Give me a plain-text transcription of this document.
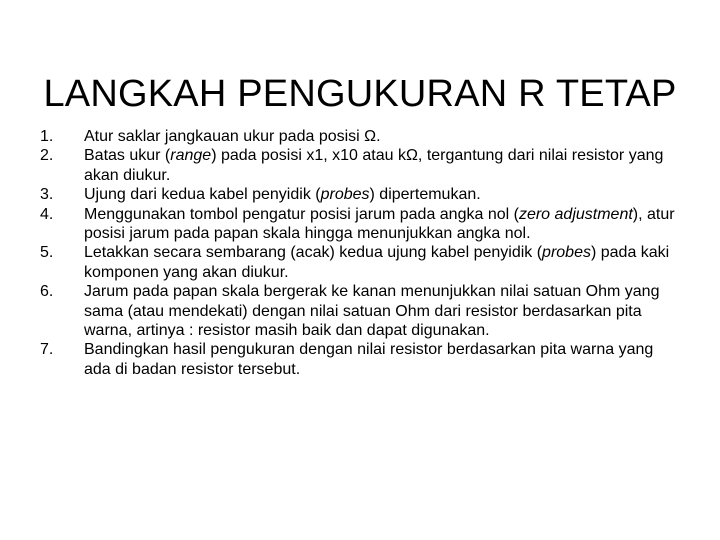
LANGKAH PENGUKURAN R TETAP
1.	Atur saklar jangkauan ukur pada posisi Ω.
2.	Batas ukur (range) pada posisi x1, x10 atau kΩ, tergantung dari nilai resistor yang akan diukur.
3.	Ujung dari kedua kabel penyidik (probes) dipertemukan.
4.	Menggunakan tombol pengatur posisi jarum pada angka nol (zero adjustment), atur posisi jarum pada papan skala hingga menunjukkan angka nol.
5.	Letakkan secara sembarang (acak) kedua ujung kabel penyidik (probes) pada kaki komponen yang akan diukur.
6.	Jarum pada papan skala bergerak ke kanan menunjukkan nilai satuan Ohm yang sama (atau mendekati) dengan nilai satuan Ohm dari resistor berdasarkan pita warna, artinya : resistor masih baik dan dapat digunakan.
7.	Bandingkan hasil pengukuran dengan nilai resistor berdasarkan pita warna yang ada di badan resistor tersebut.
